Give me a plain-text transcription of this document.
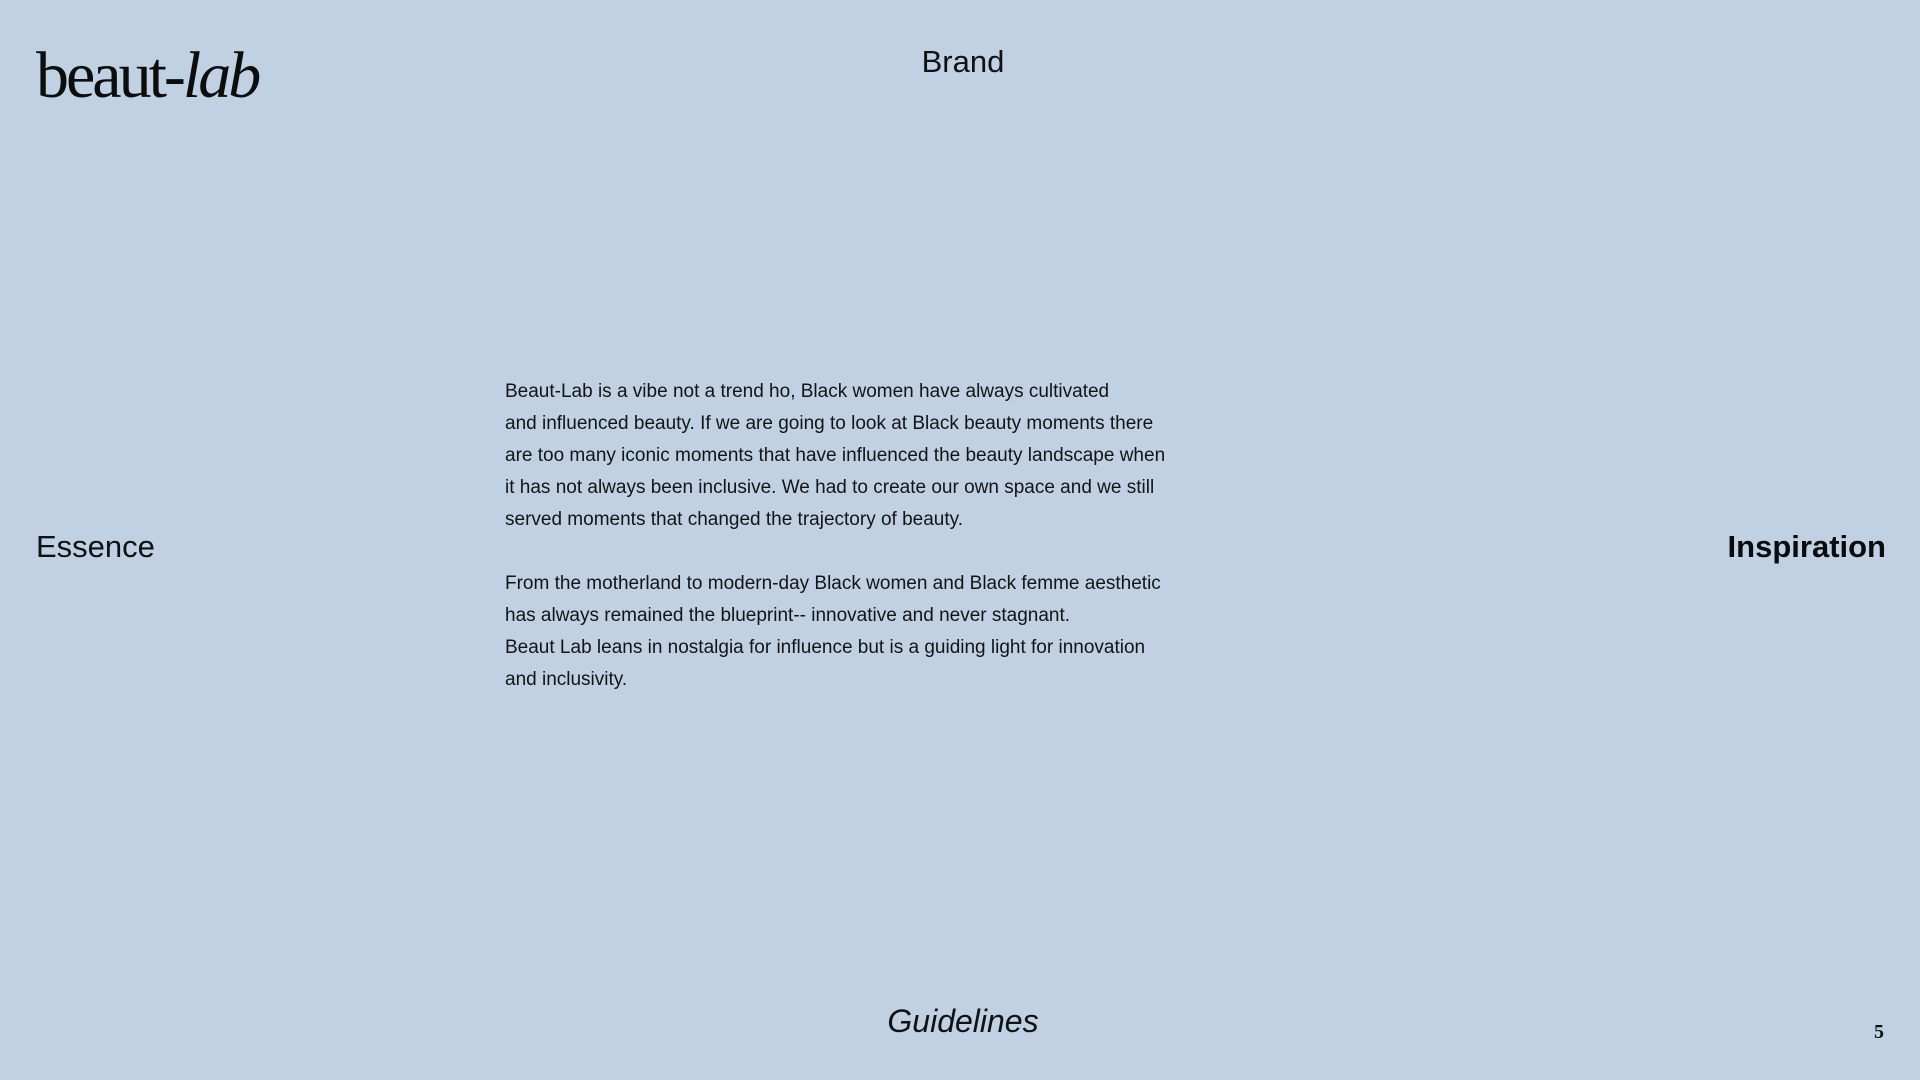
beaut-lab	Brand
Essence	Inspiration

Beaut-Lab is a vibe not a trend ho, Black women have always cultivated
and influenced beauty. If we are going to look at Black beauty moments there
are too many iconic moments that have influenced the beauty landscape when
it has not always been inclusive. We had to create our own space and we still
served moments that changed the trajectory of beauty.

From the motherland to modern-day Black women and Black femme aesthetic
has always remained the blueprint-- innovative and never stagnant.
Beaut Lab leans in nostalgia for influence but is a guiding light for innovation
and inclusivity.

Guidelines	5
